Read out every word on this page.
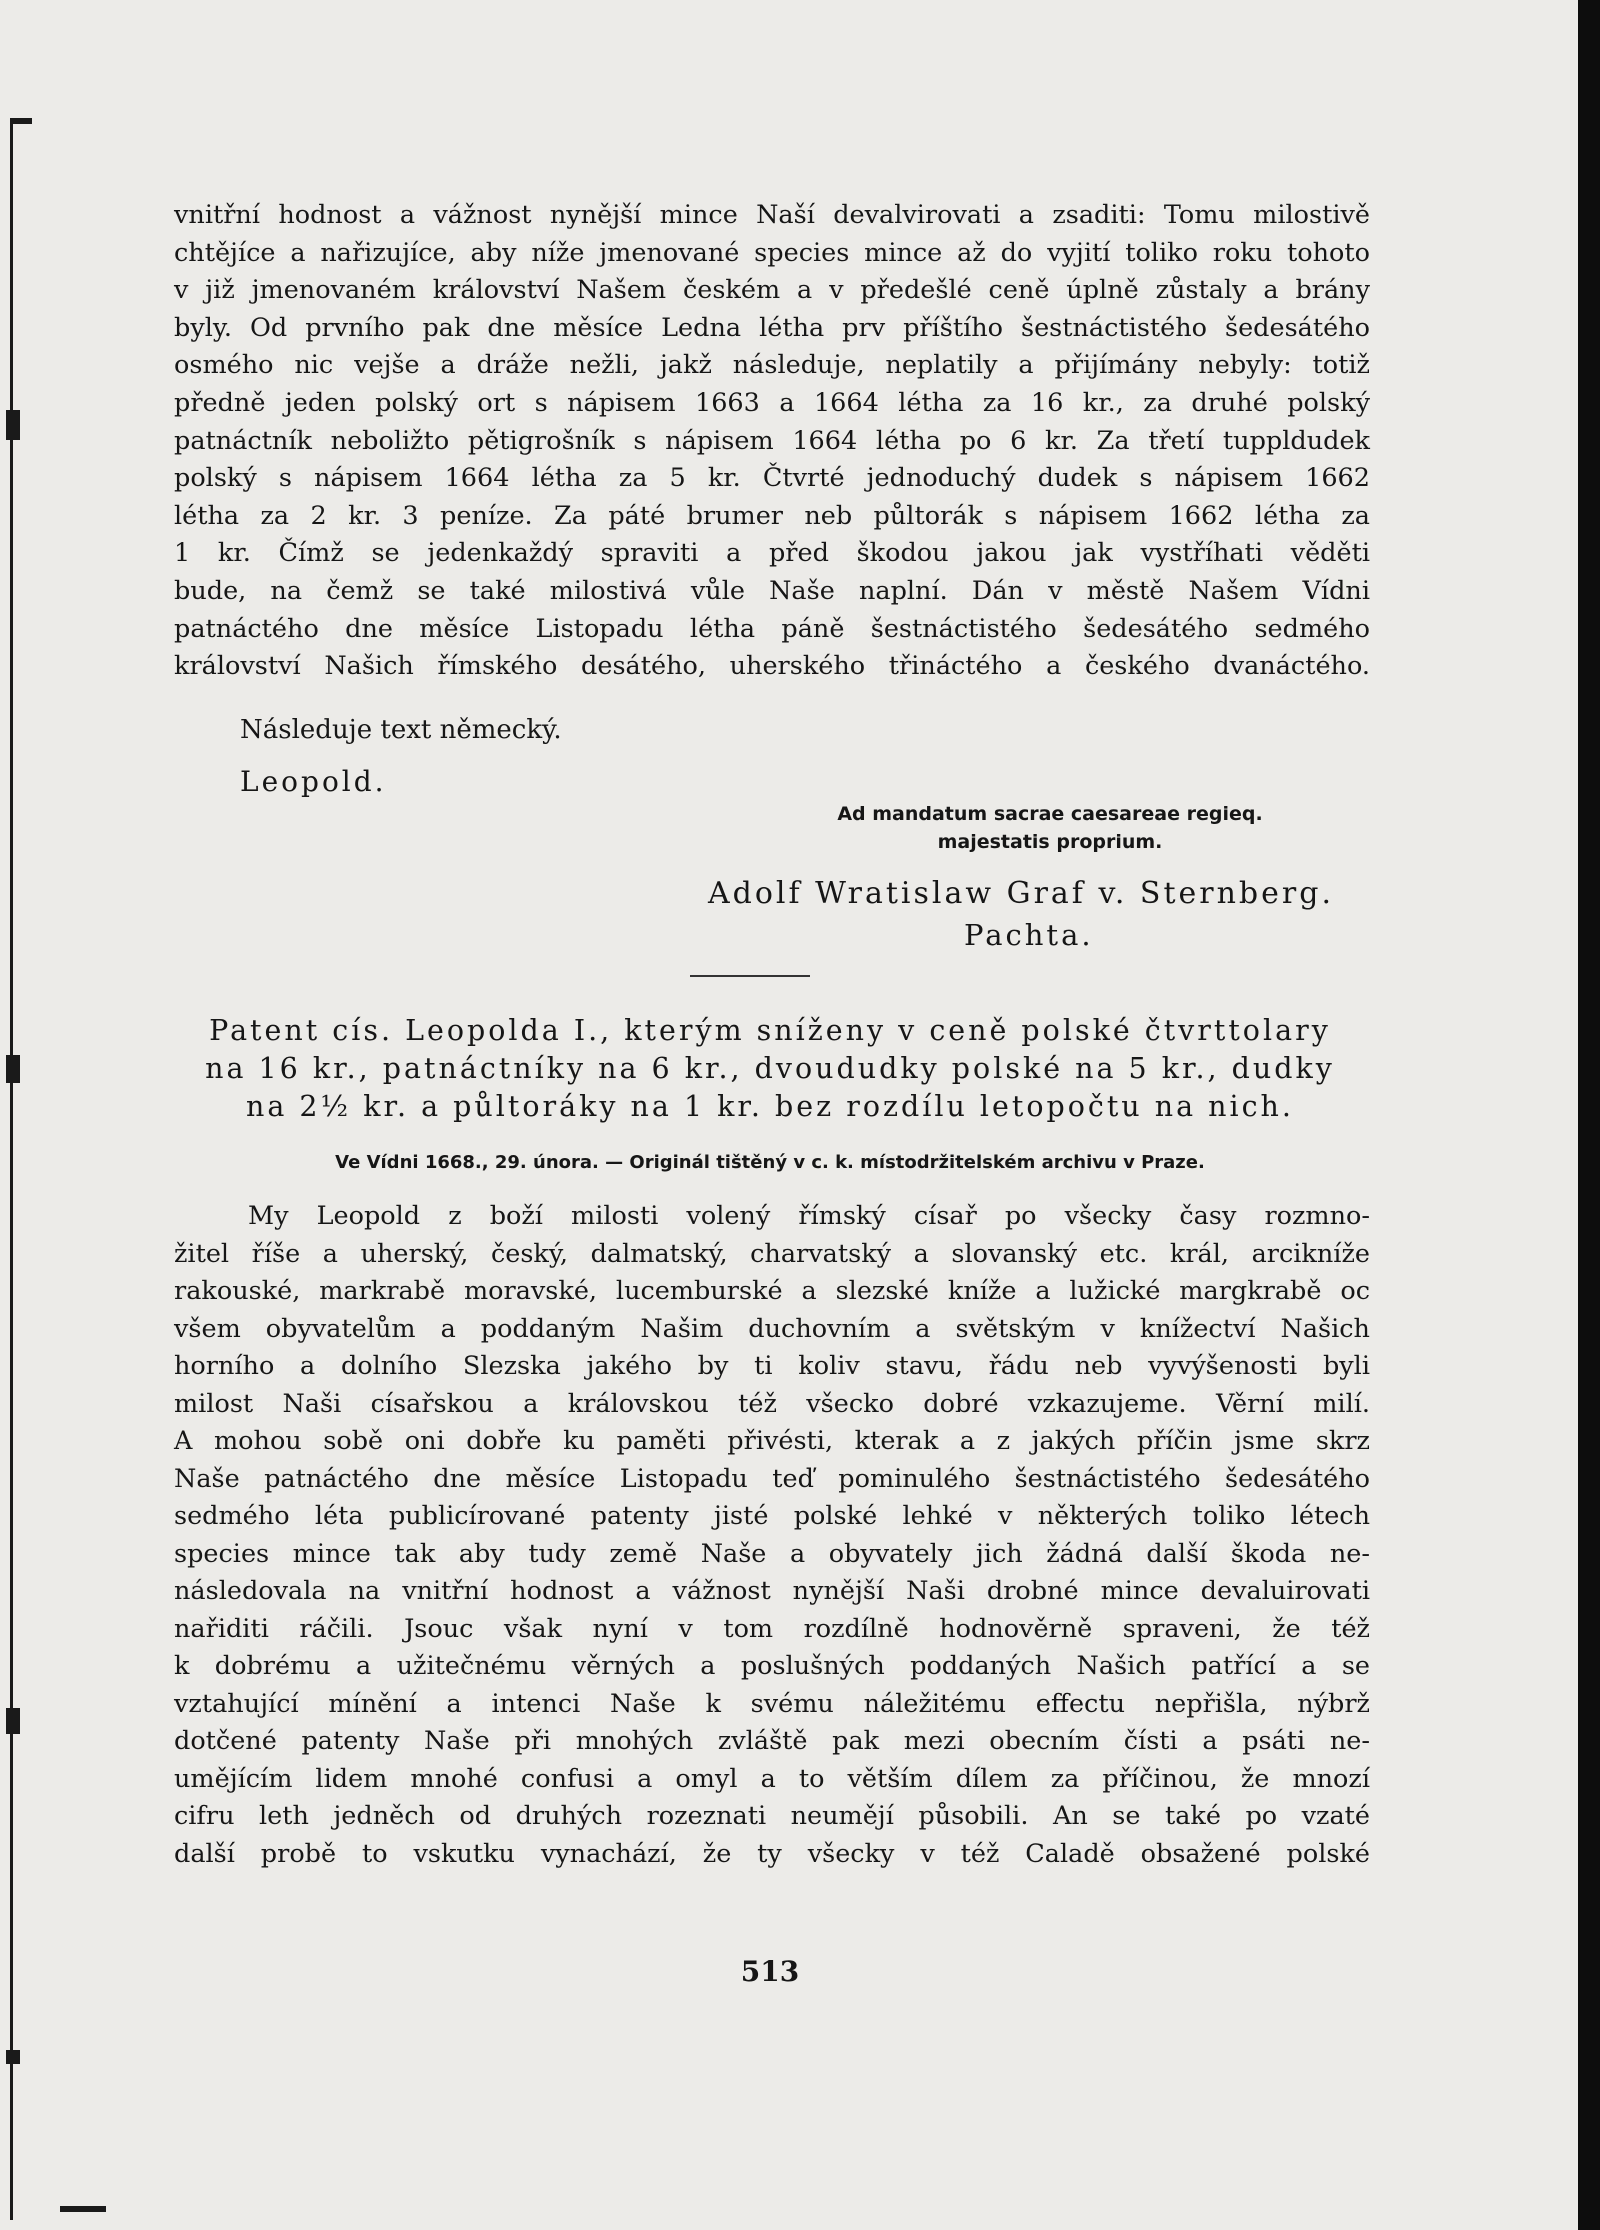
vnitřní hodnost a vážnost nynější mince Naší devalvirovati a zsaditi: Tomu milostivě
chtějíce a nařizujíce, aby níže jmenované species mince až do vyjití toliko roku tohoto
v již jmenovaném království Našem českém a v předešlé ceně úplně zůstaly a brány
byly. Od prvního pak dne měsíce Ledna létha prv příštího šestnáctistého šedesátého
osmého nic vejše a dráže nežli, jakž následuje, neplatily a přijímány nebyly: totiž
předně jeden polský ort s nápisem 1663 a 1664 létha za 16 kr., za druhé polský
patnáctník neboližto pětigrošník s nápisem 1664 létha po 6 kr. Za třetí tuppldudek
polský s nápisem 1664 létha za 5 kr. Čtvrté jednoduchý dudek s nápisem 1662
létha za 2 kr. 3 peníze. Za páté brumer neb půltorák s nápisem 1662 létha za
1 kr. Čímž se jedenkaždý spraviti a před škodou jakou jak vystříhati věděti
bude, na čemž se také milostivá vůle Naše naplní. Dán v městě Našem Vídni
patnáctého dne měsíce Listopadu létha páně šestnáctistého šedesátého sedmého
království Našich římského desátého, uherského třináctého a českého dvanáctého.
Následuje text německý.
Leopold.
Ad mandatum sacrae caesareae regieq.
majestatis proprium.
Adolf Wratislaw Graf v. Sternberg.
Pachta.
Patent cís. Leopolda I., kterým sníženy v ceně polské čtvrttolary
na 16 kr., patnáctníky na 6 kr., dvoududky polské na 5 kr., dudky
na 2½ kr. a půltoráky na 1 kr. bez rozdílu letopočtu na nich.
Ve Vídni 1668., 29. února. — Originál tištěný v c. k. místodržitelském archivu v Praze.
My Leopold z boží milosti volený římský císař po všecky časy rozmno-
žitel říše a uherský, český, dalmatský, charvatský a slovanský etc. král, arcikníže
rakouské, markrabě moravské, lucemburské a slezské kníže a lužické margkrabě oc
všem obyvatelům a poddaným Našim duchovním a světským v knížectví Našich
horního a dolního Slezska jakého by ti koliv stavu, řádu neb vyvýšenosti byli
milost Naši císařskou a královskou též všecko dobré vzkazujeme. Věrní milí.
A mohou sobě oni dobře ku paměti přivésti, kterak a z jakých příčin jsme skrz
Naše patnáctého dne měsíce Listopadu teď pominulého šestnáctistého šedesátého
sedmého léta publicírované patenty jisté polské lehké v některých toliko létech
species mince tak aby tudy země Naše a obyvately jich žádná další škoda ne-
následovala na vnitřní hodnost a vážnost nynější Naši drobné mince devaluirovati
nařiditi ráčili. Jsouc však nyní v tom rozdílně hodnověrně spraveni, že též
k dobrému a užitečnému věrných a poslušných poddaných Našich patřící a se
vztahující mínění a intenci Naše k svému náležitému effectu nepřišla, nýbrž
dotčené patenty Naše při mnohých zvláště pak mezi obecním čísti a psáti ne-
umějícím lidem mnohé confusi a omyl a to větším dílem za příčinou, že mnozí
cifru leth jedněch od druhých rozeznati neumějí působili. An se také po vzaté
další probě to vskutku vynachází, že ty všecky v též Caladě obsažené polské
513
